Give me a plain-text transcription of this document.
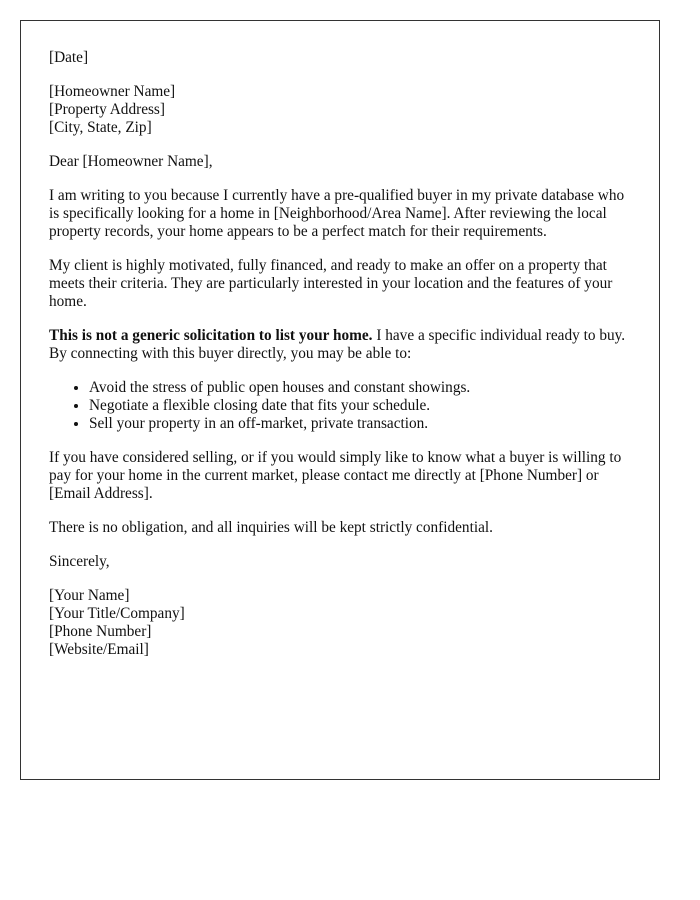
[Date]

[Homeowner Name]
[Property Address]
[City, State, Zip]

Dear [Homeowner Name],

I am writing to you because I currently have a pre-qualified buyer in my private database who is specifically looking for a home in [Neighborhood/Area Name]. After reviewing the local property records, your home appears to be a perfect match for their requirements.

My client is highly motivated, fully financed, and ready to make an offer on a property that meets their criteria. They are particularly interested in your location and the features of your home.

This is not a generic solicitation to list your home. I have a specific individual ready to buy. By connecting with this buyer directly, you may be able to:

• Avoid the stress of public open houses and constant showings.
• Negotiate a flexible closing date that fits your schedule.
• Sell your property in an off-market, private transaction.

If you have considered selling, or if you would simply like to know what a buyer is willing to pay for your home in the current market, please contact me directly at [Phone Number] or [Email Address].

There is no obligation, and all inquiries will be kept strictly confidential.

Sincerely,

[Your Name]
[Your Title/Company]
[Phone Number]
[Website/Email]
